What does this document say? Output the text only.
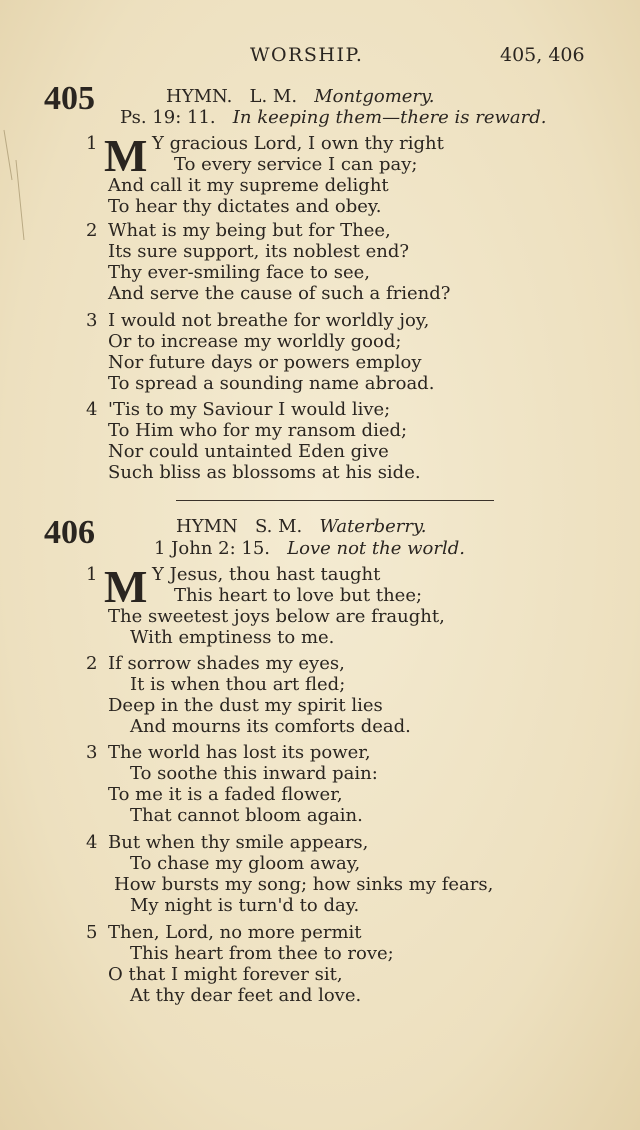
WORSHIP.	405, 406
405	HYMN. L. M. Montgomery.
Ps. 19: 11. In keeping them—there is reward.
1 M Y gracious Lord, I own thy right
To every service I can pay;
And call it my supreme delight
To hear thy dictates and obey.
2 What is my being but for Thee,
Its sure support, its noblest end?
Thy ever-smiling face to see,
And serve the cause of such a friend?
3 I would not breathe for worldly joy,
Or to increase my worldly good;
Nor future days or powers employ
To spread a sounding name abroad.
4 'Tis to my Saviour I would live;
To Him who for my ransom died;
Nor could untainted Eden give
Such bliss as blossoms at his side.
406	HYMN S. M. Waterberry.
1 John 2: 15. Love not the world.
1 M Y Jesus, thou hast taught
This heart to love but thee;
The sweetest joys below are fraught,
With emptiness to me.
2 If sorrow shades my eyes,
It is when thou art fled;
Deep in the dust my spirit lies
And mourns its comforts dead.
3 The world has lost its power,
To soothe this inward pain:
To me it is a faded flower,
That cannot bloom again.
4 But when thy smile appears,
To chase my gloom away,
How bursts my song; how sinks my fears,
My night is turn'd to day.
5 Then, Lord, no more permit
This heart from thee to rove;
O that I might forever sit,
At thy dear feet and love.
